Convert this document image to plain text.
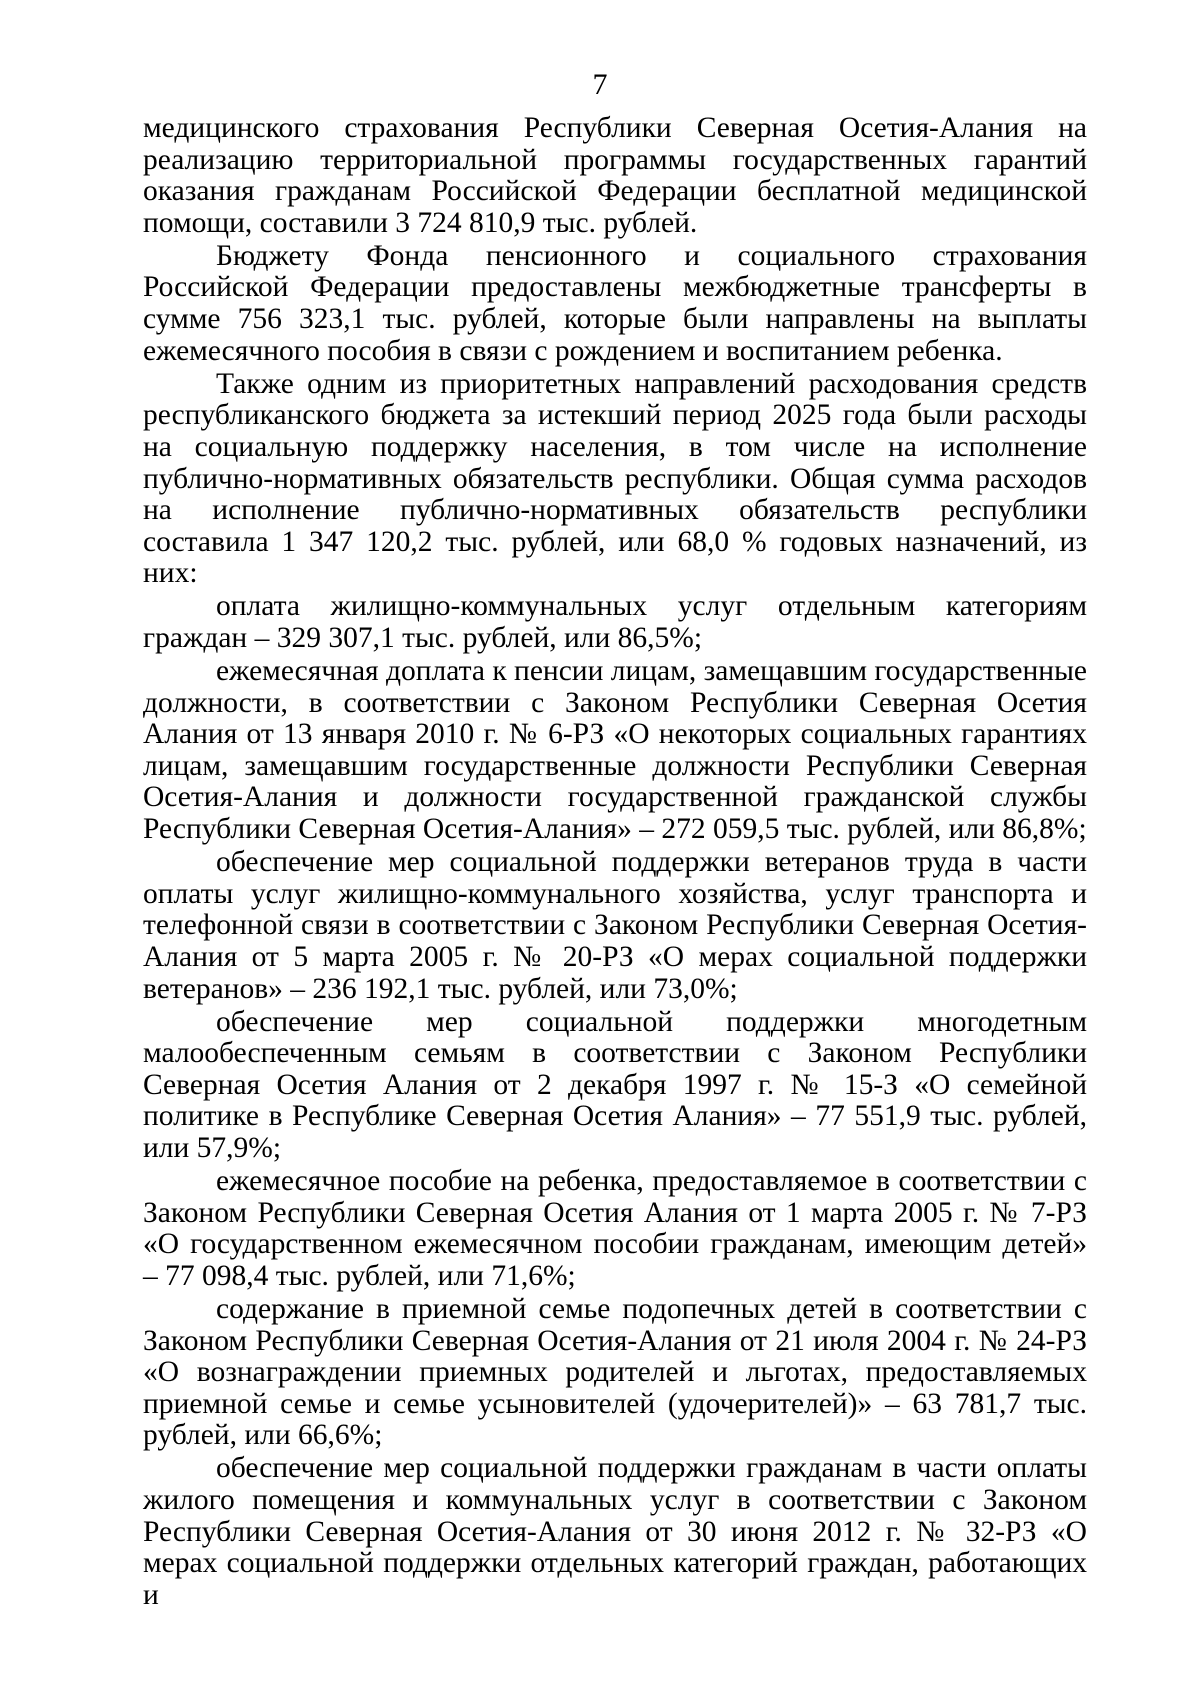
7

медицинского страхования Республики Северная Осетия-Алания на реализацию территориальной программы государственных гарантий оказания гражданам Российской Федерации бесплатной медицинской помощи, составили 3 724 810,9 тыс. рублей.

Бюджету Фонда пенсионного и социального страхования Российской Федерации предоставлены межбюджетные трансферты в сумме 756 323,1 тыс. рублей, которые были направлены на выплаты ежемесячного пособия в связи с рождением и воспитанием ребенка.

Также одним из приоритетных направлений расходования средств республиканского бюджета за истекший период 2025 года были расходы на социальную поддержку населения, в том числе на исполнение публично-нормативных обязательств республики. Общая сумма расходов на исполнение публично-нормативных обязательств республики составила 1 347 120,2 тыс. рублей, или 68,0 % годовых назначений, из них:

оплата жилищно-коммунальных услуг отдельным категориям граждан – 329 307,1 тыс. рублей, или 86,5%;

ежемесячная доплата к пенсии лицам, замещавшим государственные должности, в соответствии с Законом Республики Северная Осетия Алания от 13 января 2010 г. № 6-РЗ «О некоторых социальных гарантиях лицам, замещавшим государственные должности Республики Северная Осетия-Алания и должности государственной гражданской службы Республики Северная Осетия-Алания» – 272 059,5 тыс. рублей, или 86,8%;

обеспечение мер социальной поддержки ветеранов труда в части оплаты услуг жилищно-коммунального хозяйства, услуг транспорта и телефонной связи в соответствии с Законом Республики Северная Осетия-Алания от 5 марта 2005 г. № 20-РЗ «О мерах социальной поддержки ветеранов» – 236 192,1 тыс. рублей, или 73,0%;

обеспечение мер социальной поддержки многодетным малообеспеченным семьям в соответствии с Законом Республики Северная Осетия Алания от 2 декабря 1997 г. № 15-З «О семейной политике в Республике Северная Осетия Алания» – 77 551,9 тыс. рублей, или 57,9%;

ежемесячное пособие на ребенка, предоставляемое в соответствии с Законом Республики Северная Осетия Алания от 1 марта 2005 г. № 7-РЗ «О государственном ежемесячном пособии гражданам, имеющим детей» – 77 098,4 тыс. рублей, или 71,6%;

содержание в приемной семье подопечных детей в соответствии с Законом Республики Северная Осетия-Алания от 21 июля 2004 г. № 24-РЗ «О вознаграждении приемных родителей и льготах, предоставляемых приемной семье и семье усыновителей (удочерителей)» – 63 781,7 тыс. рублей, или 66,6%;

обеспечение мер социальной поддержки гражданам в части оплаты жилого помещения и коммунальных услуг в соответствии с Законом Республики Северная Осетия-Алания от 30 июня 2012 г. № 32-РЗ «О мерах социальной поддержки отдельных категорий граждан, работающих и
